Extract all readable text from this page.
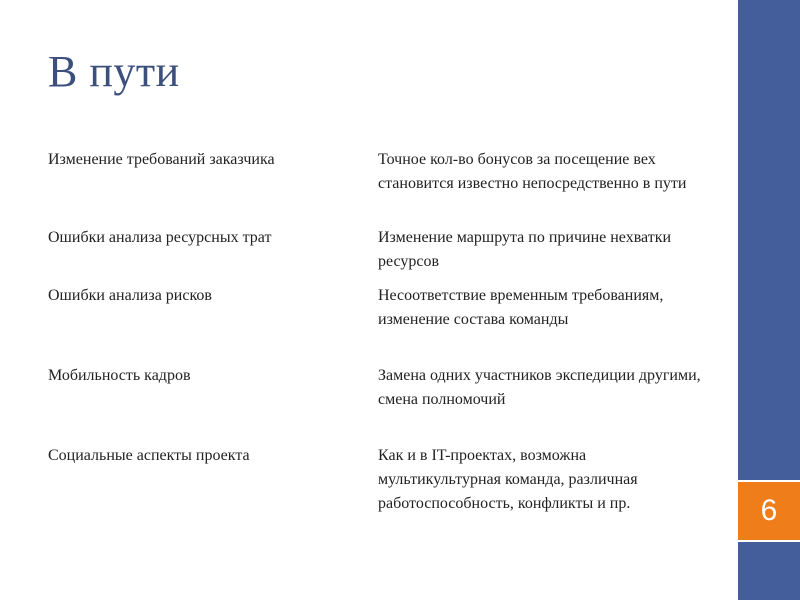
6
В пути
Изменение требований заказчика	Точное кол-во бонусов за посещение вех становится известно непосредственно в пути
Ошибки анализа ресурсных трат	Изменение маршрута по причине нехватки ресурсов
Ошибки анализа рисков	Несоответствие временным требованиям, изменение состава команды
Мобильность кадров	Замена одних участников экспедиции другими, смена полномочий
Социальные аспекты проекта	Как и в IT-проектах, возможна мультикультурная команда, различная работоспособность, конфликты и пр.
